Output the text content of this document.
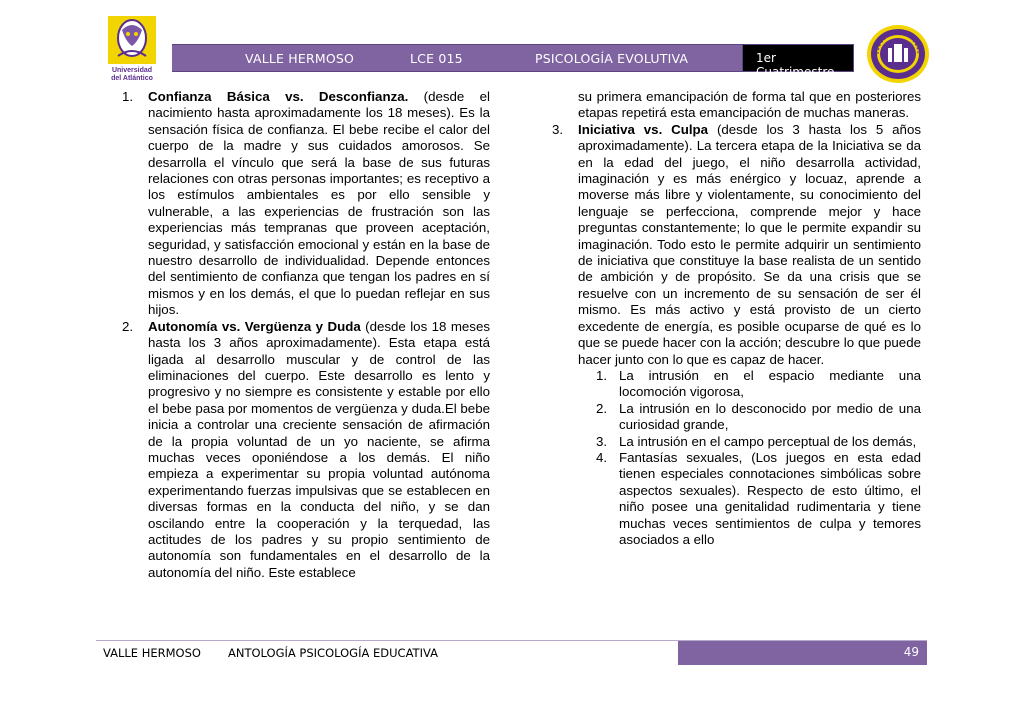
Universidad
del Atlántico
VALLE HERMOSO	LCE 015	PSICOLOGÍA EVOLUTIVA	1er Cuatrimestre
1. Confianza Básica vs. Desconfianza. (desde el nacimiento hasta aproximadamente los 18 meses). Es la sensación física de confianza. El bebe recibe el calor del cuerpo de la madre y sus cuidados amorosos. Se desarrolla el vínculo que será la base de sus futuras relaciones con otras personas importantes; es receptivo a los estímulos ambientales es por ello sensible y vulnerable, a las experiencias de frustración son las experiencias más tempranas que proveen aceptación, seguridad, y satisfacción emocional y están en la base de nuestro desarrollo de individualidad. Depende entonces del sentimiento de confianza que tengan los padres en sí mismos y en los demás, el que lo puedan reflejar en sus hijos.
2. Autonomía vs. Vergüenza y Duda (desde los 18 meses hasta los 3 años aproximadamente). Esta etapa está ligada al desarrollo muscular y de control de las eliminaciones del cuerpo. Este desarrollo es lento y progresivo y no siempre es consistente y estable por ello el bebe pasa por momentos de vergüenza y duda.El bebe inicia a controlar una creciente sensación de afirmación de la propia voluntad de un yo naciente, se afirma muchas veces oponiéndose a los demás. El niño empieza a experimentar su propia voluntad autónoma experimentando fuerzas impulsivas que se establecen en diversas formas en la conducta del niño, y se dan oscilando entre la cooperación y la terquedad, las actitudes de los padres y su propio sentimiento de autonomía son fundamentales en el desarrollo de la autonomía del niño. Este establece
su primera emancipación de forma tal que en posteriores etapas repetirá esta emancipación de muchas maneras.
3. Iniciativa vs. Culpa (desde los 3 hasta los 5 años aproximadamente). La tercera etapa de la Iniciativa se da en la edad del juego, el niño desarrolla actividad, imaginación y es más enérgico y locuaz, aprende a moverse más libre y violentamente, su conocimiento del lenguaje se perfecciona, comprende mejor y hace preguntas constantemente; lo que le permite expandir su imaginación. Todo esto le permite adquirir un sentimiento de iniciativa que constituye la base realista de un sentido de ambición y de propósito. Se da una crisis que se resuelve con un incremento de su sensación de ser él mismo. Es más activo y está provisto de un cierto excedente de energía, es posible ocuparse de qué es lo que se puede hacer con la acción; descubre lo que puede hacer junto con lo que es capaz de hacer.
1. La intrusión en el espacio mediante una locomoción vigorosa,
2. La intrusión en lo desconocido por medio de una curiosidad grande,
3. La intrusión en el campo perceptual de los demás,
4. Fantasías sexuales, (Los juegos en esta edad tienen especiales connotaciones simbólicas sobre aspectos sexuales). Respecto de esto último, el niño posee una genitalidad rudimentaria y tiene muchas veces sentimientos de culpa y temores asociados a ello
VALLE HERMOSO ANTOLOGÍA PSICOLOGÍA EDUCATIVA	49
